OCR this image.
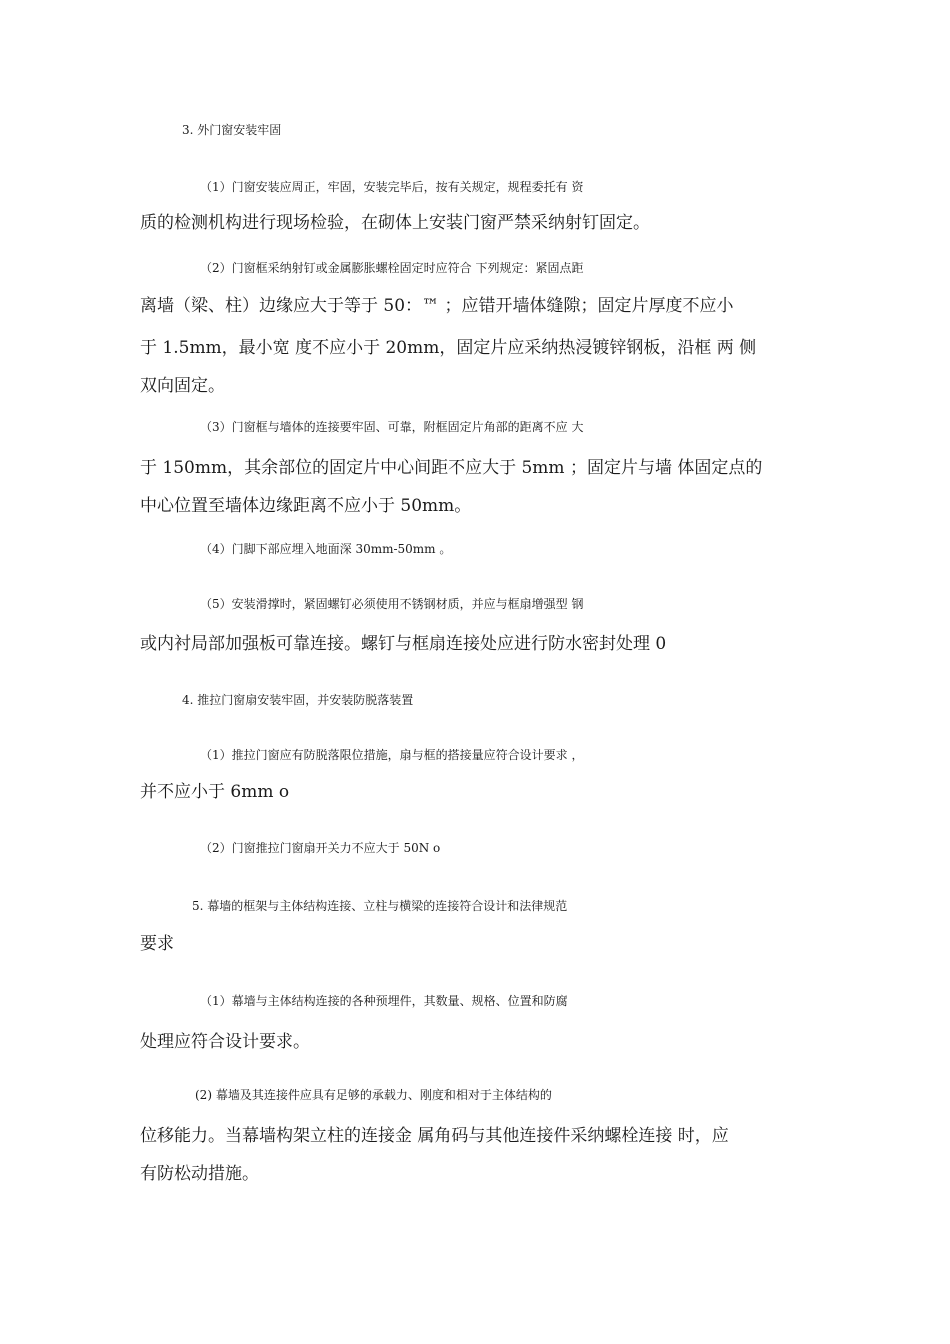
3. 外门窗安装牢固
（1）门窗安装应周正，牢固，安装完毕后，按有关规定，规程委托有 资
质的检测机构进行现场检验，在砌体上安装门窗严禁采纳射钉固定。
（2）门窗框采纳射钉或金属膨胀螺栓固定时应符合 下列规定：紧固点距
离墙（梁、柱）边缘应大于等于 50：™ ；应错开墙体缝隙；固定片厚度不应小
于 1.5mm，最小宽 度不应小于 20mm，固定片应采纳热浸镀锌钢板，沿框 两 侧
双向固定。
（3）门窗框与墙体的连接要牢固、可靠，附框固定片角部的距离不应 大
于 150mm，其余部位的固定片中心间距不应大于 5mm ；固定片与墙 体固定点的
中心位置至墙体边缘距离不应小于 50mm。
（4）门脚下部应埋入地面深 30mm-50mm 。
（5）安装滑撑时，紧固螺钉必须使用不锈钢材质，并应与框扇增强型 钢
或内衬局部加强板可靠连接。螺钉与框扇连接处应进行防水密封处理 0
4. 推拉门窗扇安装牢固，并安装防脱落装置
（1）推拉门窗应有防脱落限位措施，扇与框的搭接量应符合设计要求 ，
并不应小于 6mm o
（2）门窗推拉门窗扇开关力不应大于 50N o
5. 幕墙的框架与主体结构连接、立柱与横梁的连接符合设计和法律规范
要求
（1）幕墙与主体结构连接的各种预埋件，其数量、规格、位置和防腐
处理应符合设计要求。
(2) 幕墙及其连接件应具有足够的承载力、刚度和相对于主体结构的
位移能力。当幕墙构架立柱的连接金 属角码与其他连接件采纳螺栓连接 时，应
有防松动措施。
